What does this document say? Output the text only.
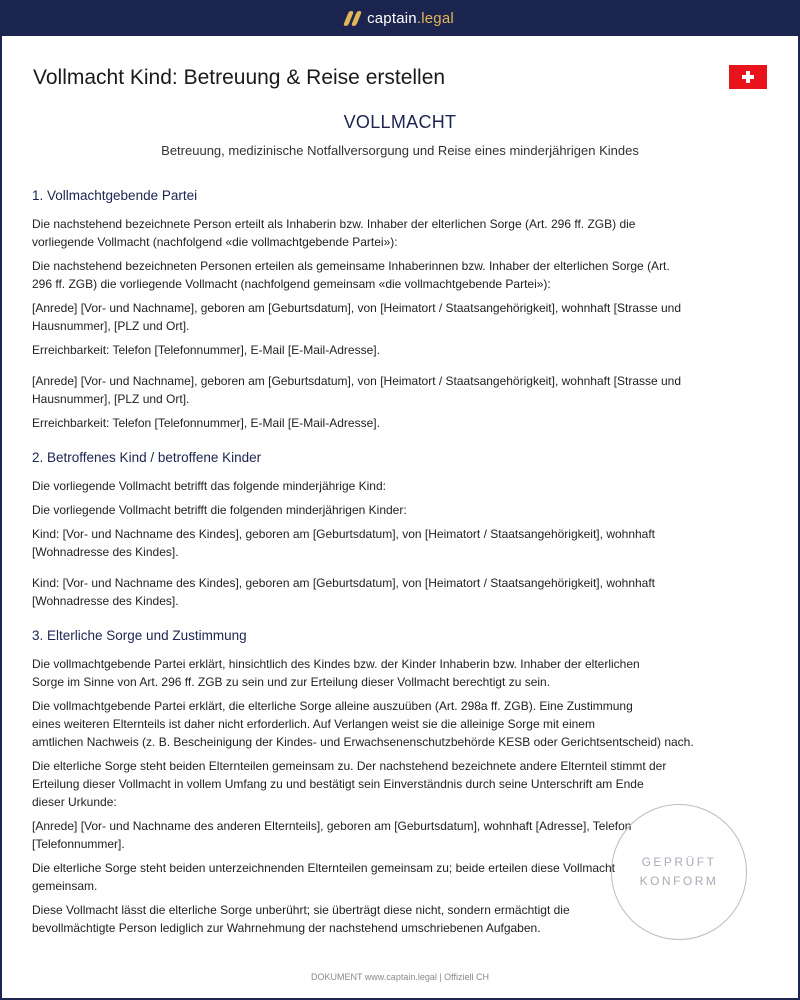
captain.legal
Vollmacht Kind: Betreuung & Reise erstellen
VOLLMACHT
Betreuung, medizinische Notfallversorgung und Reise eines minderjährigen Kindes
1. Vollmachtgebende Partei

Die nachstehend bezeichnete Person erteilt als Inhaberin bzw. Inhaber der elterlichen Sorge (Art. 296 ff. ZGB) die
vorliegende Vollmacht (nachfolgend «die vollmachtgebende Partei»):

Die nachstehend bezeichneten Personen erteilen als gemeinsame Inhaberinnen bzw. Inhaber der elterlichen Sorge (Art.
296 ff. ZGB) die vorliegende Vollmacht (nachfolgend gemeinsam «die vollmachtgebende Partei»):

[Anrede] [Vor- und Nachname], geboren am [Geburtsdatum], von [Heimatort / Staatsangehörigkeit], wohnhaft [Strasse und
Hausnummer], [PLZ und Ort].

Erreichbarkeit: Telefon [Telefonnummer], E-Mail [E-Mail-Adresse].

[Anrede] [Vor- und Nachname], geboren am [Geburtsdatum], von [Heimatort / Staatsangehörigkeit], wohnhaft [Strasse und
Hausnummer], [PLZ und Ort].

Erreichbarkeit: Telefon [Telefonnummer], E-Mail [E-Mail-Adresse].

2. Betroffenes Kind / betroffene Kinder

Die vorliegende Vollmacht betrifft das folgende minderjährige Kind:

Die vorliegende Vollmacht betrifft die folgenden minderjährigen Kinder:

Kind: [Vor- und Nachname des Kindes], geboren am [Geburtsdatum], von [Heimatort / Staatsangehörigkeit], wohnhaft
[Wohnadresse des Kindes].

Kind: [Vor- und Nachname des Kindes], geboren am [Geburtsdatum], von [Heimatort / Staatsangehörigkeit], wohnhaft
[Wohnadresse des Kindes].

3. Elterliche Sorge und Zustimmung

Die vollmachtgebende Partei erklärt, hinsichtlich des Kindes bzw. der Kinder Inhaberin bzw. Inhaber der elterlichen
Sorge im Sinne von Art. 296 ff. ZGB zu sein und zur Erteilung dieser Vollmacht berechtigt zu sein.

Die vollmachtgebende Partei erklärt, die elterliche Sorge alleine auszuüben (Art. 298a ff. ZGB). Eine Zustimmung
eines weiteren Elternteils ist daher nicht erforderlich. Auf Verlangen weist sie die alleinige Sorge mit einem
amtlichen Nachweis (z. B. Bescheinigung der Kindes- und Erwachsenenschutzbehörde KESB oder Gerichtsentscheid) nach.

Die elterliche Sorge steht beiden Elternteilen gemeinsam zu. Der nachstehend bezeichnete andere Elternteil stimmt der
Erteilung dieser Vollmacht in vollem Umfang zu und bestätigt sein Einverständnis durch seine Unterschrift am Ende
dieser Urkunde:

[Anrede] [Vor- und Nachname des anderen Elternteils], geboren am [Geburtsdatum], wohnhaft [Adresse], Telefon
[Telefonnummer].

Die elterliche Sorge steht beiden unterzeichnenden Elternteilen gemeinsam zu; beide erteilen diese Vollmacht
gemeinsam.

Diese Vollmacht lässt die elterliche Sorge unberührt; sie überträgt diese nicht, sondern ermächtigt die
bevollmächtigte Person lediglich zur Wahrnehmung der nachstehend umschriebenen Aufgaben.

GEPRÜFT
KONFORM
DOKUMENT www.captain.legal | Offiziell CH
